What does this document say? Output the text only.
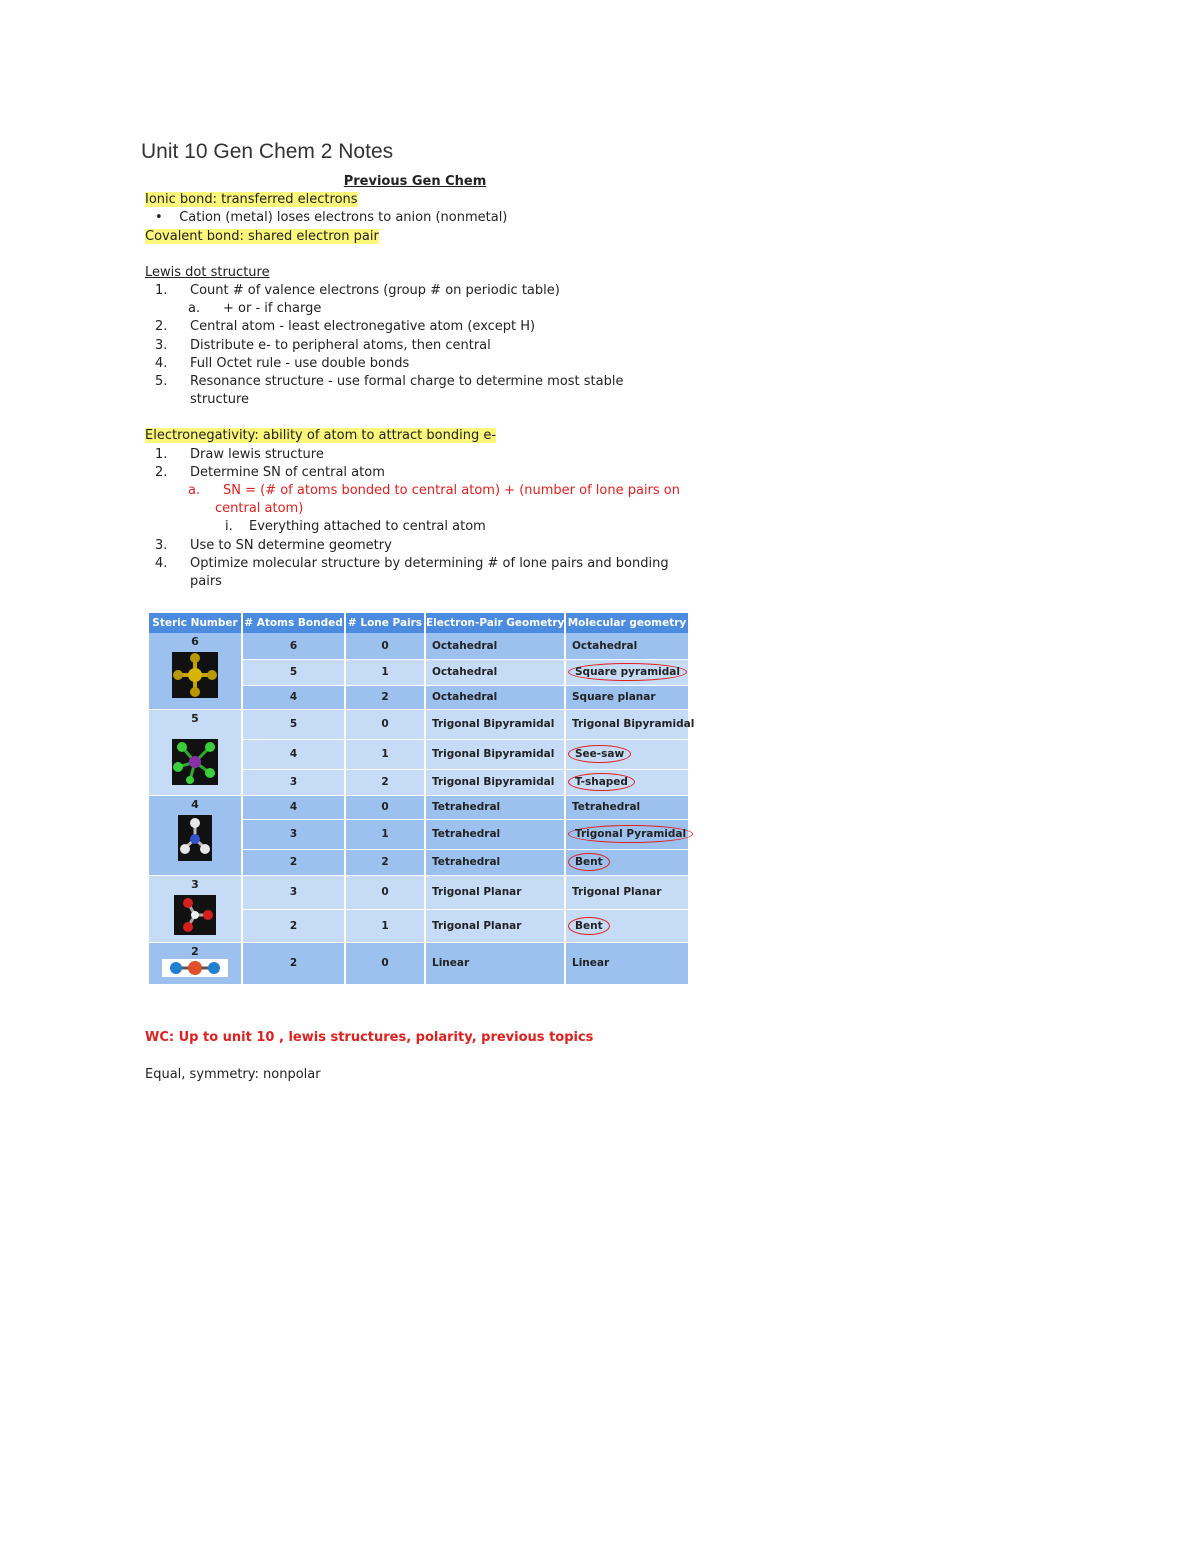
Unit 10 Gen Chem 2 Notes
Previous Gen Chem
Ionic bond: transferred electrons
•    Cation (metal) loses electrons to anion (nonmetal)
Covalent bond: shared electron pair
Lewis dot structure
1.	Count # of valence electrons (group # on periodic table)
a.	+ or - if charge
2.	Central atom - least electronegative atom (except H)
3.	Distribute e- to peripheral atoms, then central
4.	Full Octet rule - use double bonds
5.	Resonance structure - use formal charge to determine most stable
structure
Electronegativity: ability of atom to attract bonding e-
1.	Draw lewis structure
2.	Determine SN of central atom
a.	SN = (# of atoms bonded to central atom) + (number of lone pairs on
central atom)
i.	Everything attached to central atom
3.	Use to SN determine geometry
4.	Optimize molecular structure by determining # of lone pairs and bonding
pairs
Steric Number	# Atoms Bonded	# Lone Pairs	Electron-Pair Geometry	Molecular geometry

6	6	0	Octahedral	Octahedral
	5	1	Octahedral	Square pyramidal
	4	2	Octahedral	Square planar

5	5	0	Trigonal Bipyramidal	Trigonal Bipyramidal
	4	1	Trigonal Bipyramidal	See-saw
	3	2	Trigonal Bipyramidal	T-shaped

4	4	0	Tetrahedral	Tetrahedral
	3	1	Tetrahedral	Trigonal Pyramidal
	2	2	Tetrahedral	Bent

3	3	0	Trigonal Planar	Trigonal Planar
	2	1	Trigonal Planar	Bent

2	2	0	Linear	Linear
WC: Up to unit 10 , lewis structures, polarity, previous topics
Equal, symmetry: nonpolar
